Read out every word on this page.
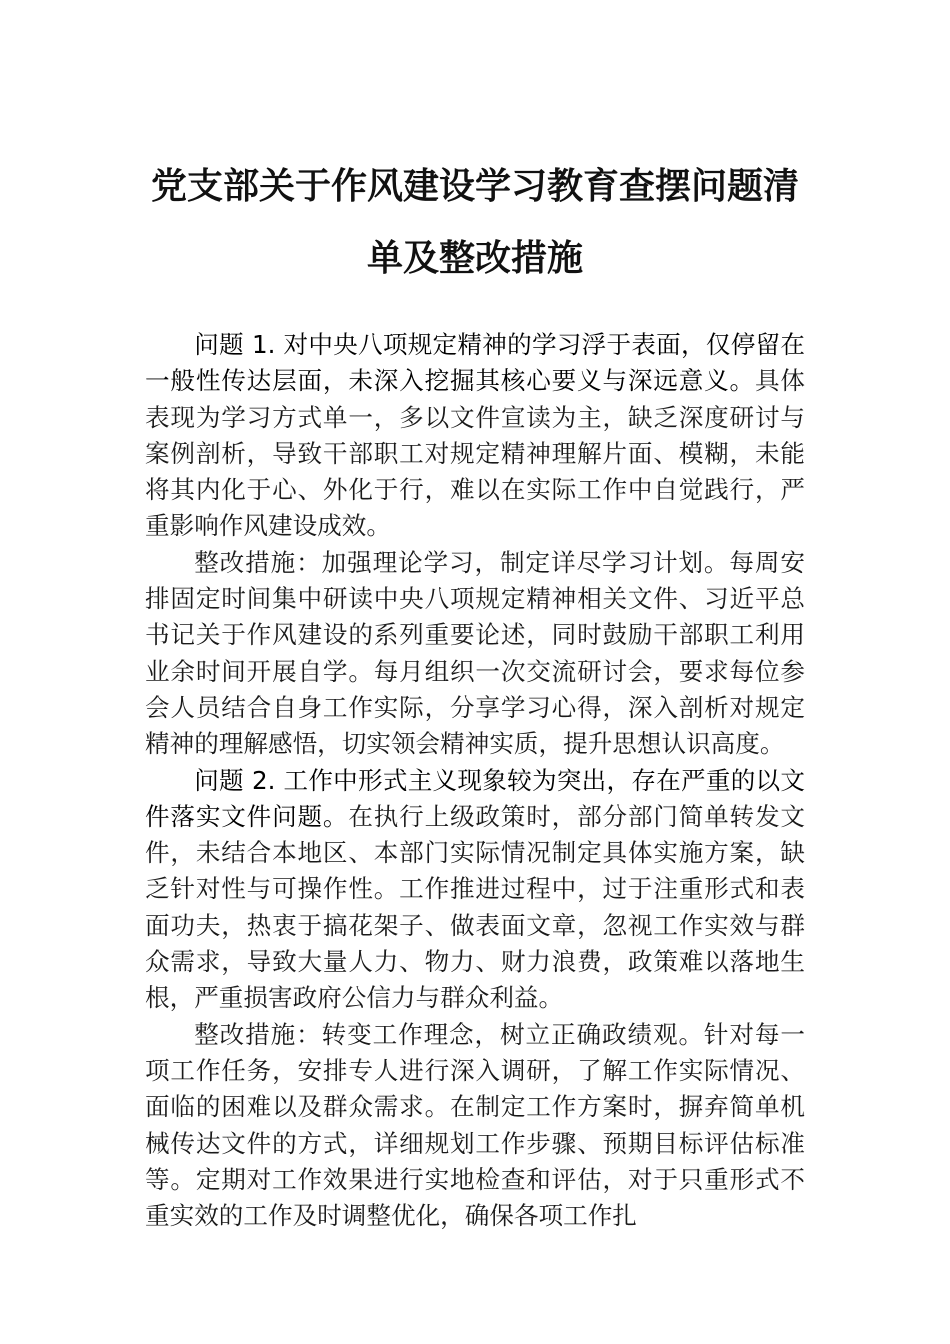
党支部关于作风建设学习教育查摆问题清单及整改措施

问题 1. 对中央八项规定精神的学习浮于表面，仅停留在一般性传达层面，未深入挖掘其核心要义与深远意义。具体表现为学习方式单一，多以文件宣读为主，缺乏深度研讨与案例剖析，导致干部职工对规定精神理解片面、模糊，未能将其内化于心、外化于行，难以在实际工作中自觉践行，严重影响作风建设成效。

整改措施：加强理论学习，制定详尽学习计划。每周安排固定时间集中研读中央八项规定精神相关文件、习近平总书记关于作风建设的系列重要论述，同时鼓励干部职工利用业余时间开展自学。每月组织一次交流研讨会，要求每位参会人员结合自身工作实际，分享学习心得，深入剖析对规定精神的理解感悟，切实领会精神实质，提升思想认识高度。

问题 2. 工作中形式主义现象较为突出，存在严重的以文件落实文件问题。在执行上级政策时，部分部门简单转发文件，未结合本地区、本部门实际情况制定具体实施方案，缺乏针对性与可操作性。工作推进过程中，过于注重形式和表面功夫，热衷于搞花架子、做表面文章，忽视工作实效与群众需求，导致大量人力、物力、财力浪费，政策难以落地生根，严重损害政府公信力与群众利益。

整改措施：转变工作理念，树立正确政绩观。针对每一项工作任务，安排专人进行深入调研，了解工作实际情况、面临的困难以及群众需求。在制定工作方案时，摒弃简单机械传达文件的方式，详细规划工作步骤、预期目标评估标准等。定期对工作效果进行实地检查和评估，对于只重形式不重实效的工作及时调整优化，确保各项工作扎
